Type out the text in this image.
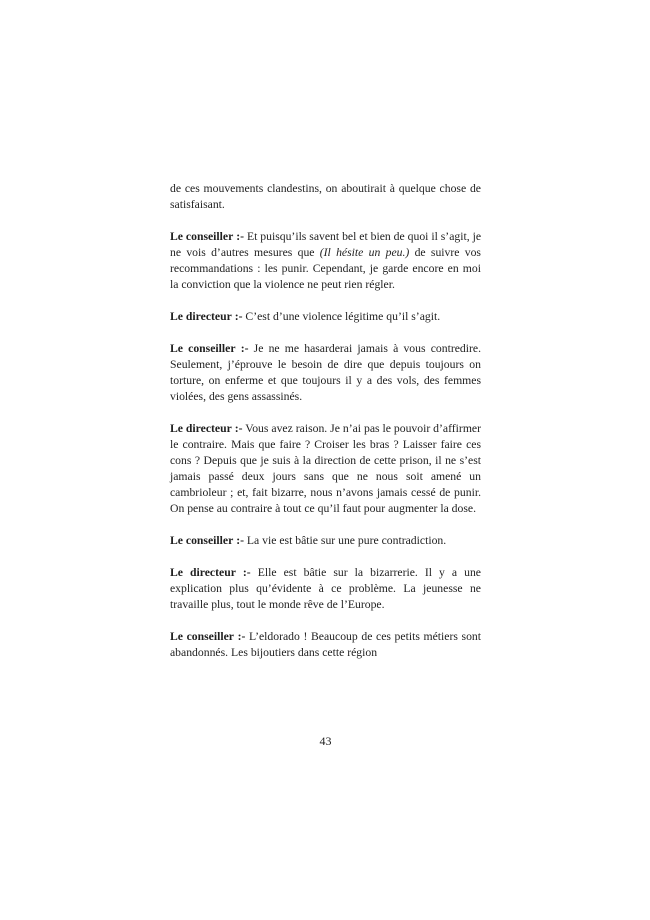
de ces mouvements clandestins, on aboutirait à quelque chose de satisfaisant.

Le conseiller :- Et puisqu’ils savent bel et bien de quoi il s’agit, je ne vois d’autres mesures que (Il hésite un peu.) de suivre vos recommandations : les punir. Cependant, je garde encore en moi la conviction que la violence ne peut rien régler.

Le directeur :- C’est d’une violence légitime qu’il s’agit.

Le conseiller :- Je ne me hasarderai jamais à vous contredire. Seulement, j’éprouve le besoin de dire que depuis toujours on torture, on enferme et que toujours il y a des vols, des femmes violées, des gens assassinés.

Le directeur :- Vous avez raison. Je n’ai pas le pouvoir d’affirmer le contraire. Mais que faire ? Croiser les bras ? Laisser faire ces cons ? Depuis que je suis à la direction de cette prison, il ne s’est jamais passé deux jours sans que ne nous soit amené un cambrioleur ; et, fait bizarre, nous n’avons jamais cessé de punir. On pense au contraire à tout ce qu’il faut pour augmenter la dose.

Le conseiller :- La vie est bâtie sur une pure contradiction.

Le directeur :- Elle est bâtie sur la bizarrerie. Il y a une explication plus qu’évidente à ce problème. La jeunesse ne travaille plus, tout le monde rêve de l’Europe.

Le conseiller :- L’eldorado ! Beaucoup de ces petits métiers sont abandonnés. Les bijoutiers dans cette région

43
